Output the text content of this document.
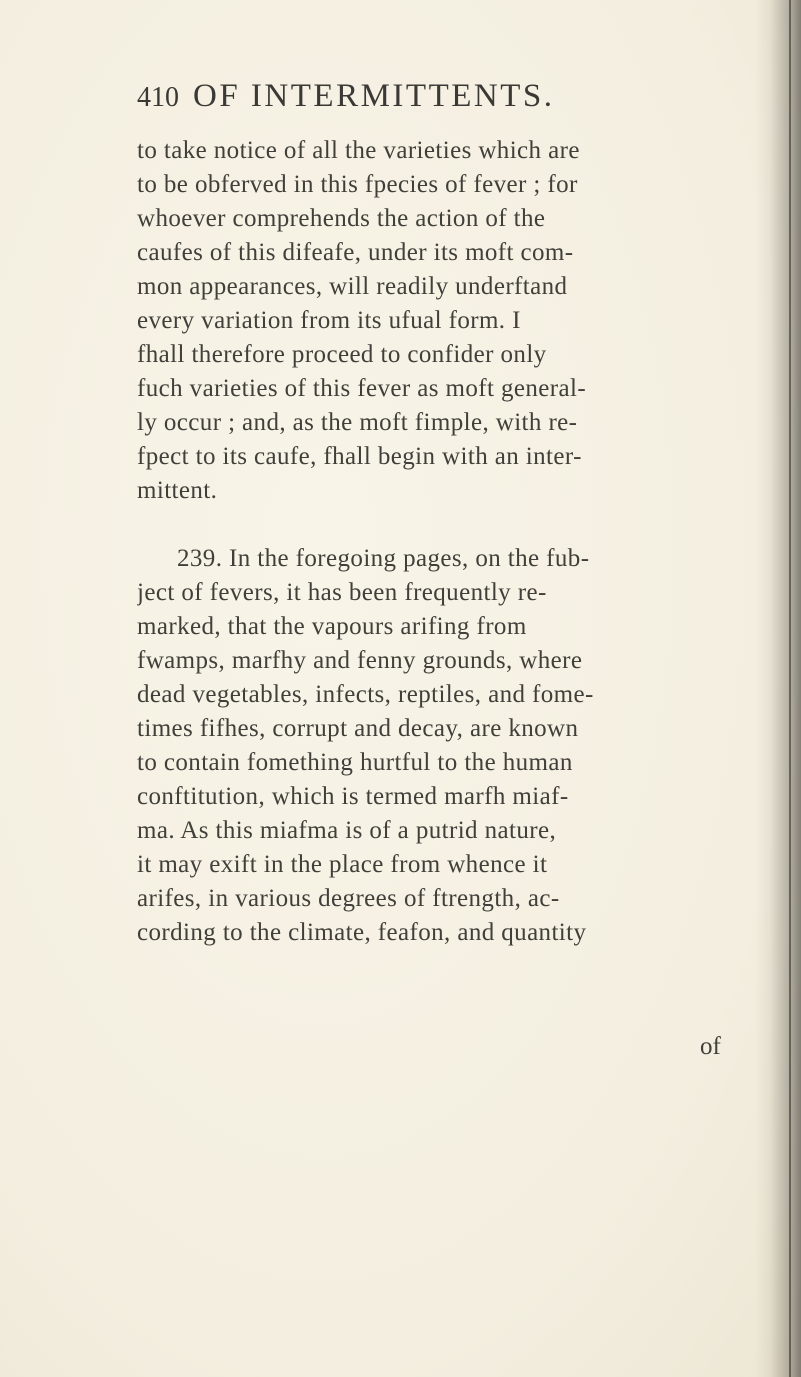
410 OF INTERMITTENTS.
to take notice of all the varieties which are
to be obferved in this fpecies of fever ; for
whoever comprehends the action of the
caufes of this difeafe, under its moft com-
mon appearances, will readily underftand
every variation from its ufual form. I
fhall therefore proceed to confider only
fuch varieties of this fever as moft general-
ly occur ; and, as the moft fimple, with re-
fpect to its caufe, fhall begin with an inter-
mittent.
239. In the foregoing pages, on the fub-
ject of fevers, it has been frequently re-
marked, that the vapours arifing from
fwamps, marfhy and fenny grounds, where
dead vegetables, infects, reptiles, and fome-
times fifhes, corrupt and decay, are known
to contain fomething hurtful to the human
conftitution, which is termed marfh miaf-
ma. As this miafma is of a putrid nature,
it may exift in the place from whence it
arifes, in various degrees of ftrength, ac-
cording to the climate, feafon, and quantity
of
